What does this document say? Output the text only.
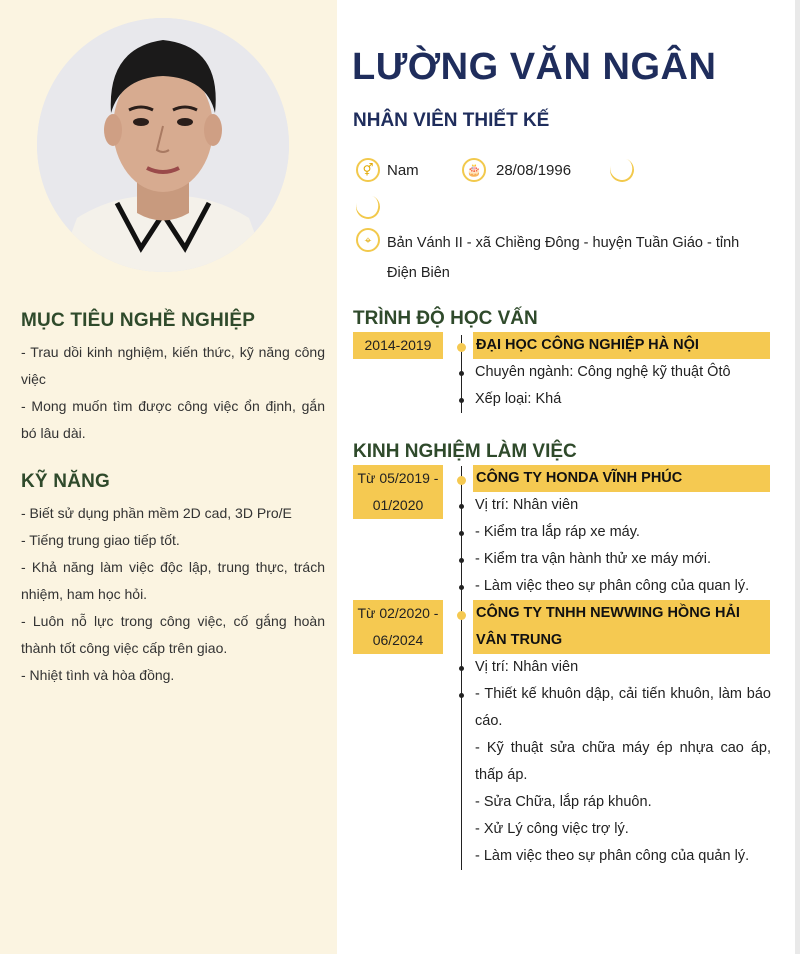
MỤC TIÊU NGHỀ NGHIỆP

- Trau dồi kinh nghiệm, kiến thức, kỹ năng công việc

- Mong muốn tìm được công việc ổn định, gắn bó lâu dài.

KỸ NĂNG

- Biết sử dụng phần mềm 2D cad, 3D Pro/E

- Tiếng trung giao tiếp tốt.

- Khả năng làm việc độc lập, trung thực, trách nhiệm, ham học hỏi.

- Luôn nỗ lực trong công việc, cố gắng hoàn thành tốt công việc cấp trên giao.

- Nhiệt tình và hòa đồng.

LƯỜNG VĂN NGÂN
NHÂN VIÊN THIẾT KẾ
⚥ Nam	🎂 28/08/1996
⌖	Bản Vánh II - xã Chiềng Đông - huyện Tuần Giáo - tỉnh Điện Biên
TRÌNH ĐỘ HỌC VẤN
2014-2019	ĐẠI HỌC CÔNG NGHIỆP HÀ NỘI
Chuyên ngành: Công nghệ kỹ thuật Ôtô
Xếp loại: Khá
KINH NGHIỆM LÀM VIỆC
Từ 05/2019 - 01/2020
CÔNG TY HONDA VĨNH PHÚC
Vị trí: Nhân viên
- Kiểm tra lắp ráp xe máy.
- Kiểm tra vận hành thử xe máy mới.
- Làm việc theo sự phân công của quan lý.
Từ 02/2020 - 06/2024
CÔNG TY TNHH NEWWING HỒNG HẢI VÂN TRUNG
Vị trí: Nhân viên
- Thiết kế khuôn dập, cải tiến khuôn, làm báo cáo.
- Kỹ thuật sửa chữa máy ép nhựa cao áp, thấp áp.
- Sửa Chữa, lắp ráp khuôn.
- Xử Lý công việc trợ lý.
- Làm việc theo sự phân công của quản lý.
